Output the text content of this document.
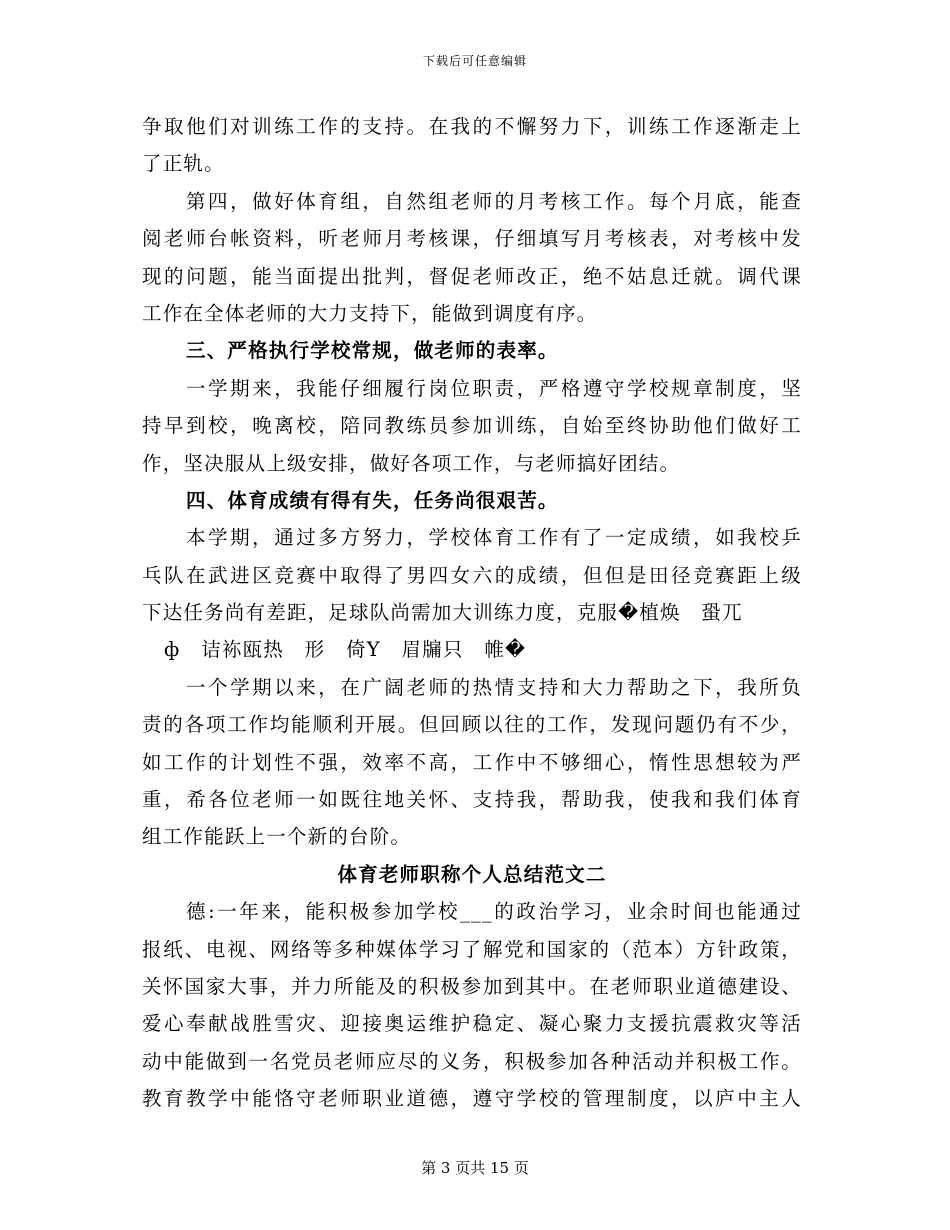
下载后可任意编辑
争取他们对训练工作的支持。在我的不懈努力下，训练工作逐渐走上
了正轨。
第四，做好体育组，自然组老师的月考核工作。每个月底，能查
阅老师台帐资料，听老师月考核课，仔细填写月考核表，对考核中发
现的问题，能当面提出批判，督促老师改正，绝不姑息迁就。调代课
工作在全体老师的大力支持下，能做到调度有序。
三、严格执行学校常规，做老师的表率。
一学期来，我能仔细履行岗位职责，严格遵守学校规章制度，坚
持早到校，晚离校，陪同教练员参加训练，自始至终协助他们做好工
作，坚决服从上级安排，做好各项工作，与老师搞好团结。
四、体育成绩有得有失，任务尚很艰苦。
本学期，通过多方努力，学校体育工作有了一定成绩，如我校乒
乓队在武进区竞赛中取得了男四女六的成绩，但但是田径竞赛距上级
下达任务尚有差距，足球队尚需加大训练力度，克服�植焕　蛩兀
ф　诘袮瓯热　形　倚Y　眉牖只　帷�
一个学期以来，在广阔老师的热情支持和大力帮助之下，我所负
责的各项工作均能顺利开展。但回顾以往的工作，发现问题仍有不少，
如工作的计划性不强，效率不高，工作中不够细心，惰性思想较为严
重，希各位老师一如既往地关怀、支持我，帮助我，使我和我们体育
组工作能跃上一个新的台阶。
体育老师职称个人总结范文二
德:一年来，能积极参加学校___的政治学习，业余时间也能通过
报纸、电视、网络等多种媒体学习了解党和国家的（范本）方针政策，
关怀国家大事，并力所能及的积极参加到其中。在老师职业道德建设、
爱心奉献战胜雪灾、迎接奥运维护稳定、凝心聚力支援抗震救灾等活
动中能做到一名党员老师应尽的义务，积极参加各种活动并积极工作。
教育教学中能恪守老师职业道德，遵守学校的管理制度，以庐中主人
第 3 页共 15 页
